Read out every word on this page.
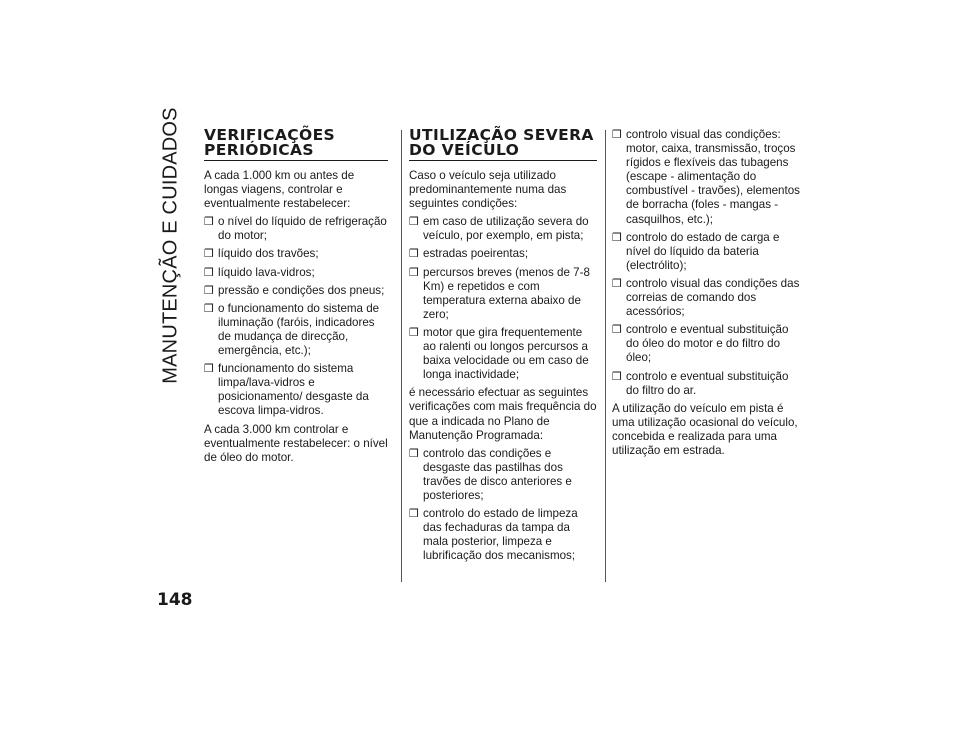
MANUTENÇÃO E CUIDADOS
148
VERIFICAÇÕES
PERIÓDICAS

A cada 1.000 km ou antes de longas viagens, controlar e eventualmente restabelecer:

❒ o nível do líquido de refrigeração do motor;
❒ líquido dos travões;
❒ líquido lava-vidros;
❒ pressão e condições dos pneus;
❒ o funcionamento do sistema de iluminação (faróis, indicadores de mudança de direcção, emergência, etc.);
❒ funcionamento do sistema limpa/lava-vidros e posicionamento/ desgaste da escova limpa-vidros.

A cada 3.000 km controlar e eventualmente restabelecer: o nível de óleo do motor.

UTILIZAÇÃO SEVERA
DO VEÍCULO

Caso o veículo seja utilizado predominantemente numa das seguintes condições:

❒ em caso de utilização severa do veículo, por exemplo, em pista;
❒ estradas poeirentas;
❒ percursos breves (menos de 7-8 Km) e repetidos e com temperatura externa abaixo de zero;
❒ motor que gira frequentemente ao ralenti ou longos percursos a baixa velocidade ou em caso de longa inactividade;

é necessário efectuar as seguintes verificações com mais frequência do que a indicada no Plano de Manutenção Programada:

❒ controlo das condições e desgaste das pastilhas dos travões de disco anteriores e posteriores;
❒ controlo do estado de limpeza das fechaduras da tampa da mala posterior, limpeza e lubrificação dos mecanismos;
❒ controlo visual das condições: motor, caixa, transmissão, troços rígidos e flexíveis das tubagens (escape - alimentação do combustível - travões), elementos de borracha (foles - mangas - casquilhos, etc.);
❒ controlo do estado de carga e nível do líquido da bateria (electrólito);
❒ controlo visual das condições das correias de comando dos acessórios;
❒ controlo e eventual substituição do óleo do motor e do filtro do óleo;
❒ controlo e eventual substituição do filtro do ar.

A utilização do veículo em pista é uma utilização ocasional do veículo, concebida e realizada para uma utilização em estrada.
